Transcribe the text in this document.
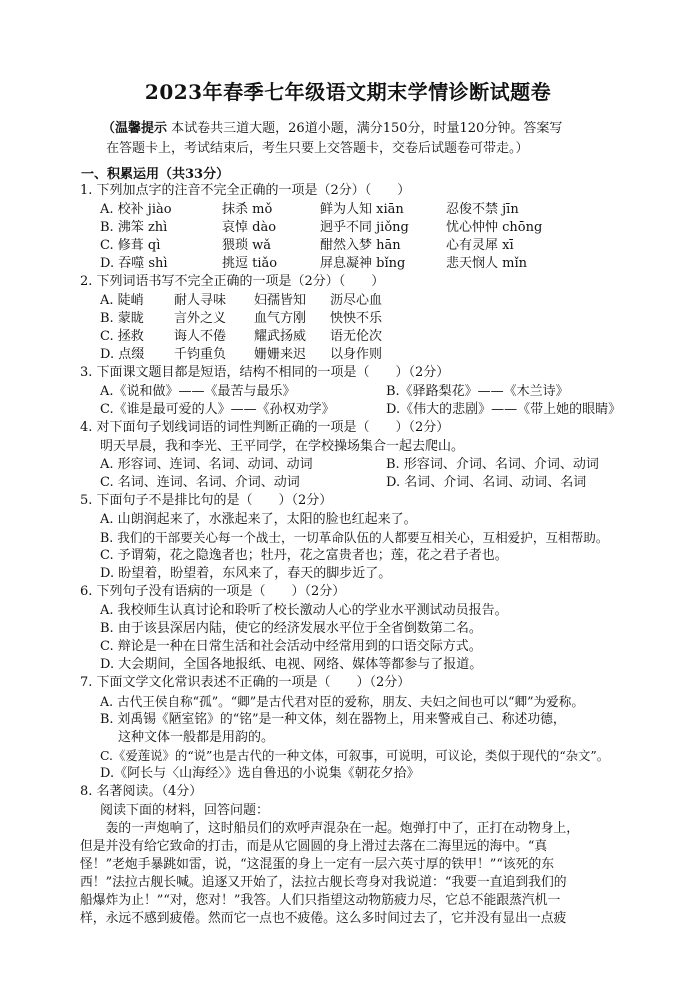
2023年春季七年级语文期末学情诊断试题卷
（温馨提示 本试卷共三道大题，26道小题，满分150分，时量120分钟。答案写
在答题卡上，考试结束后，考生只要上交答题卡，交卷后试题卷可带走。）
一、积累运用（共33分）
1. 下列加点字的注音不完全正确的一项是（2分）（　　）
A. 校补 jiào	抹杀 mǒ	鲜为人知 xiān	忍俊不禁 jīn
B. 沸笨 zhì	哀悼 dào	迥乎不同 jiǒng	忧心忡忡 chōng
C. 修葺 qì	猥琐 wǎ	酣然入梦 hān	心有灵犀 xī
D. 吞噬 shì	挑逗 tiǎo	屏息凝神 bǐng	悲天悯人 mǐn
2. 下列词语书写不完全正确的一项是（2分）（　　）
A. 陡峭 耐人寻味 妇孺皆知 沥尽心血
B. 蒙眬 言外之义 血气方刚 怏怏不乐
C. 拯救 诲人不倦 耀武扬威 语无伦次
D. 点缀 千钧重负 姗姗来迟 以身作则
3. 下面课文题目都是短语，结构不相同的一项是（　　）（2分）
A.《说和做》——《最苦与最乐》	B.《驿路梨花》——《木兰诗》
C.《谁是最可爱的人》——《孙权劝学》	D.《伟大的悲剧》——《带上她的眼睛》
4. 对下面句子划线词语的词性判断正确的一项是（　　）（2分）
明天早晨，我和李光、王平同学，在学校操场集合一起去爬山。
A. 形容词、连词、名词、动词、动词	B. 形容词、介词、名词、介词、动词
C. 名词、连词、名词、介词、动词	D. 名词、介词、名词、动词、名词
5. 下面句子不是排比句的是（　　）（2分）
A. 山朗润起来了，水涨起来了，太阳的脸也红起来了。
B. 我们的干部要关心每一个战士，一切革命队伍的人都要互相关心，互相爱护，互相帮助。
C. 予谓菊，花之隐逸者也；牡丹，花之富贵者也；莲，花之君子者也。
D. 盼望着，盼望着，东风来了，春天的脚步近了。
6. 下列句子没有语病的一项是（　　）（2分）
A. 我校师生认真讨论和聆听了校长激动人心的学业水平测试动员报告。
B. 由于该县深居内陆，使它的经济发展水平位于全省倒数第二名。
C. 辩论是一种在日常生活和社会活动中经常用到的口语交际方式。
D. 大会期间，全国各地报纸、电视、网络、媒体等都参与了报道。
7. 下面文学文化常识表述不正确的一项是（　　）（2分）
A. 古代王侯自称“孤”。“卿”是古代君对臣的爱称，朋友、夫妇之间也可以“卿”为爱称。
B. 刘禹锡《陋室铭》的“铭”是一种文体，刻在器物上，用来警戒自己、称述功德，
这种文体一般都是用韵的。
C.《爱莲说》的“说”也是古代的一种文体，可叙事，可说明，可议论，类似于现代的“杂文”。
D.《阿长与〈山海经〉》选自鲁迅的小说集《朝花夕拾》
8. 名著阅读。（4分）
阅读下面的材料，回答问题：
　　轰的一声炮响了，这时船员们的欢呼声混杂在一起。炮弹打中了，正打在动物身上，
但是并没有给它致命的打击，而是从它圆圆的身上滑过去落在二海里远的海中。“真
怪！”老炮手暴跳如雷，说，“这混蛋的身上一定有一层六英寸厚的铁甲！”“该死的东
西！”法拉古舰长喊。追逐又开始了，法拉古舰长弯身对我说道：“我要一直追到我们的
船爆炸为止！”“对，您对！”我答。人们只指望这动物筋疲力尽，它总不能跟蒸汽机一
样，永远不感到疲倦。然而它一点也不疲倦。这么多时间过去了，它并没有显出一点疲
